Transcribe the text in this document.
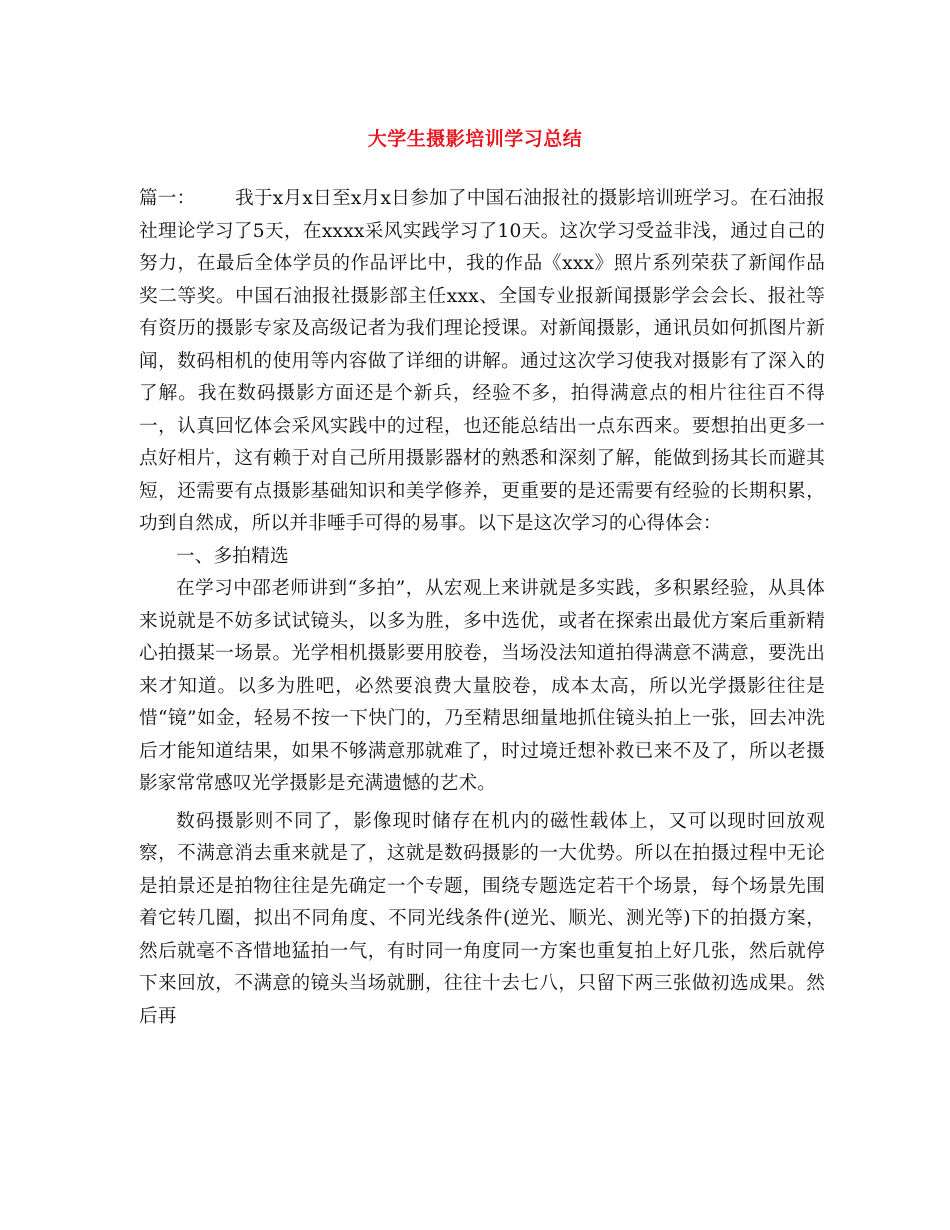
大学生摄影培训学习总结

篇一： 我于x月x日至x月x日参加了中国石油报社的摄影培训班学习。在石油报社理论学习了5天，在xxxx采风实践学习了10天。这次学习受益非浅，通过自己的努力，在最后全体学员的作品评比中，我的作品《xxx》照片系列荣获了新闻作品奖二等奖。中国石油报社摄影部主任xxx、全国专业报新闻摄影学会会长、报社等有资历的摄影专家及高级记者为我们理论授课。对新闻摄影，通讯员如何抓图片新闻，数码相机的使用等内容做了详细的讲解。通过这次学习使我对摄影有了深入的了解。我在数码摄影方面还是个新兵，经验不多，拍得满意点的相片往往百不得一，认真回忆体会采风实践中的过程，也还能总结出一点东西来。要想拍出更多一点好相片，这有赖于对自己所用摄影器材的熟悉和深刻了解，能做到扬其长而避其短，还需要有点摄影基础知识和美学修养，更重要的是还需要有经验的长期积累，功到自然成，所以并非唾手可得的易事。以下是这次学习的心得体会：

一、多拍精选

在学习中邵老师讲到“多拍”，从宏观上来讲就是多实践，多积累经验，从具体来说就是不妨多试试镜头，以多为胜，多中选优，或者在探索出最优方案后重新精心拍摄某一场景。光学相机摄影要用胶卷，当场没法知道拍得满意不满意，要洗出来才知道。以多为胜吧，必然要浪费大量胶卷，成本太高，所以光学摄影往往是惜“镜”如金，轻易不按一下快门的，乃至精思细量地抓住镜头拍上一张，回去冲洗后才能知道结果，如果不够满意那就难了，时过境迁想补救已来不及了，所以老摄影家常常感叹光学摄影是充满遗憾的艺术。

数码摄影则不同了，影像现时储存在机内的磁性载体上，又可以现时回放观察，不满意消去重来就是了，这就是数码摄影的一大优势。所以在拍摄过程中无论是拍景还是拍物往往是先确定一个专题，围绕专题选定若干个场景，每个场景先围着它转几圈，拟出不同角度、不同光线条件(逆光、顺光、测光等)下的拍摄方案，然后就毫不吝惜地猛拍一气，有时同一角度同一方案也重复拍上好几张，然后就停下来回放，不满意的镜头当场就删，往往十去七八，只留下两三张做初选成果。然后再
